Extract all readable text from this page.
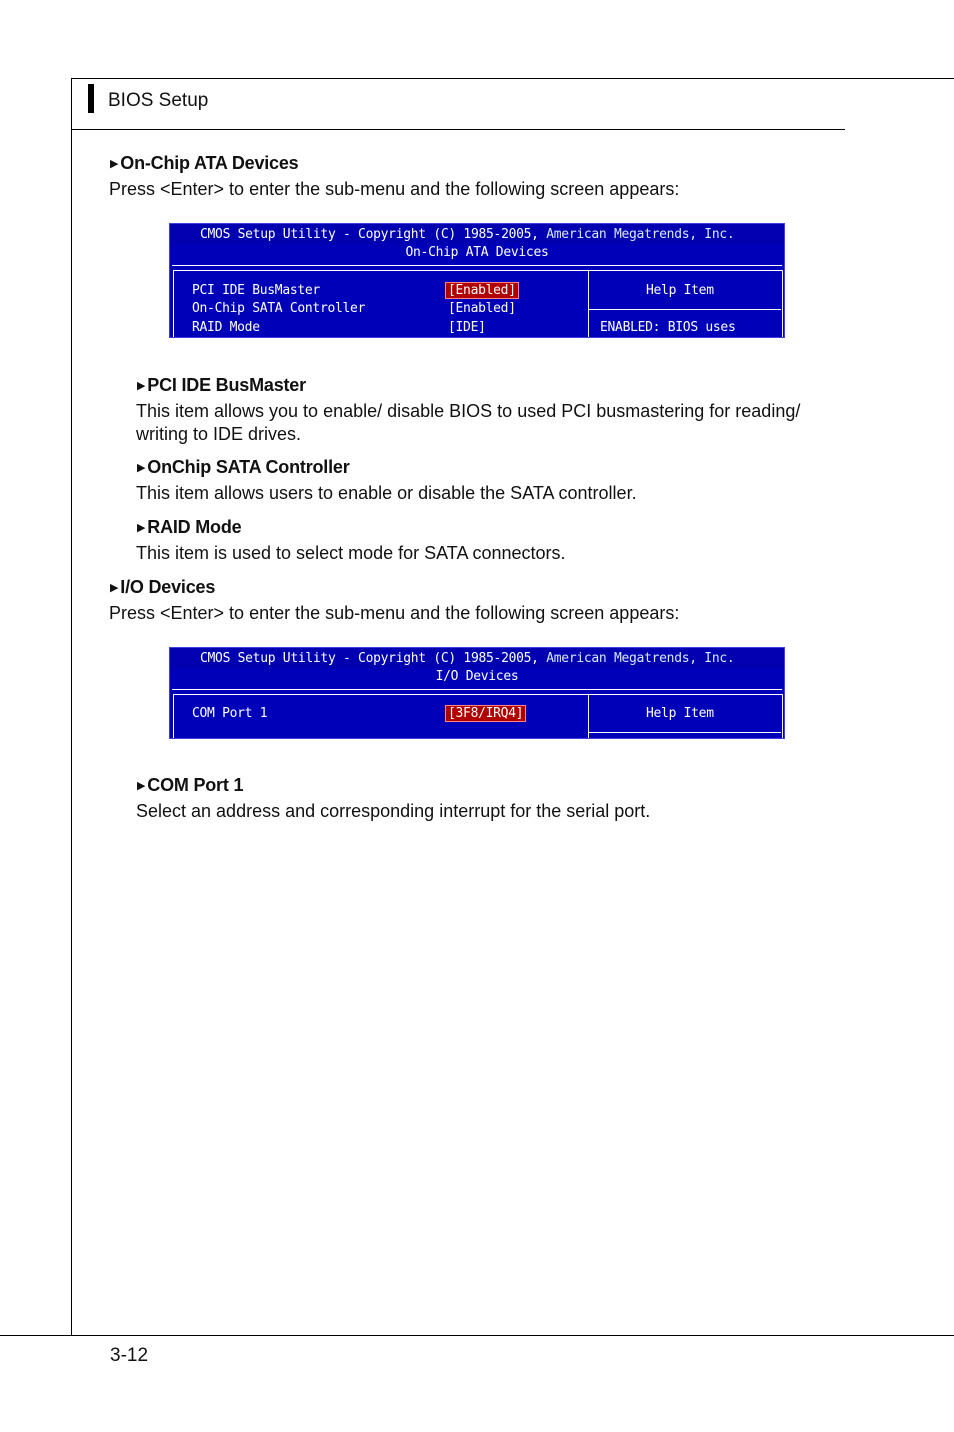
BIOS Setup
▶ On-Chip ATA Devices
Press <Enter> to enter the sub-menu and the following screen appears:
CMOS Setup Utility - Copyright (C) 1985-2005, American Megatrends, Inc.
On-Chip ATA Devices
PCI IDE BusMaster	[Enabled]
On-Chip SATA Controller	[Enabled]
RAID Mode	[IDE]
Help Item
ENABLED: BIOS uses
▶ PCI IDE BusMaster
This item allows you to enable/ disable BIOS to used PCI busmastering for reading/ writing to IDE drives.
▶ OnChip SATA Controller
This item allows users to enable or disable the SATA controller.
▶ RAID Mode
This item is used to select mode for SATA connectors.
▶ I/O Devices
Press <Enter> to enter the sub-menu and the following screen appears:
CMOS Setup Utility - Copyright (C) 1985-2005, American Megatrends, Inc.
I/O Devices
COM Port 1	[3F8/IRQ4]	Help Item
▶ COM Port 1
Select an address and corresponding interrupt for the serial port.
3-12
